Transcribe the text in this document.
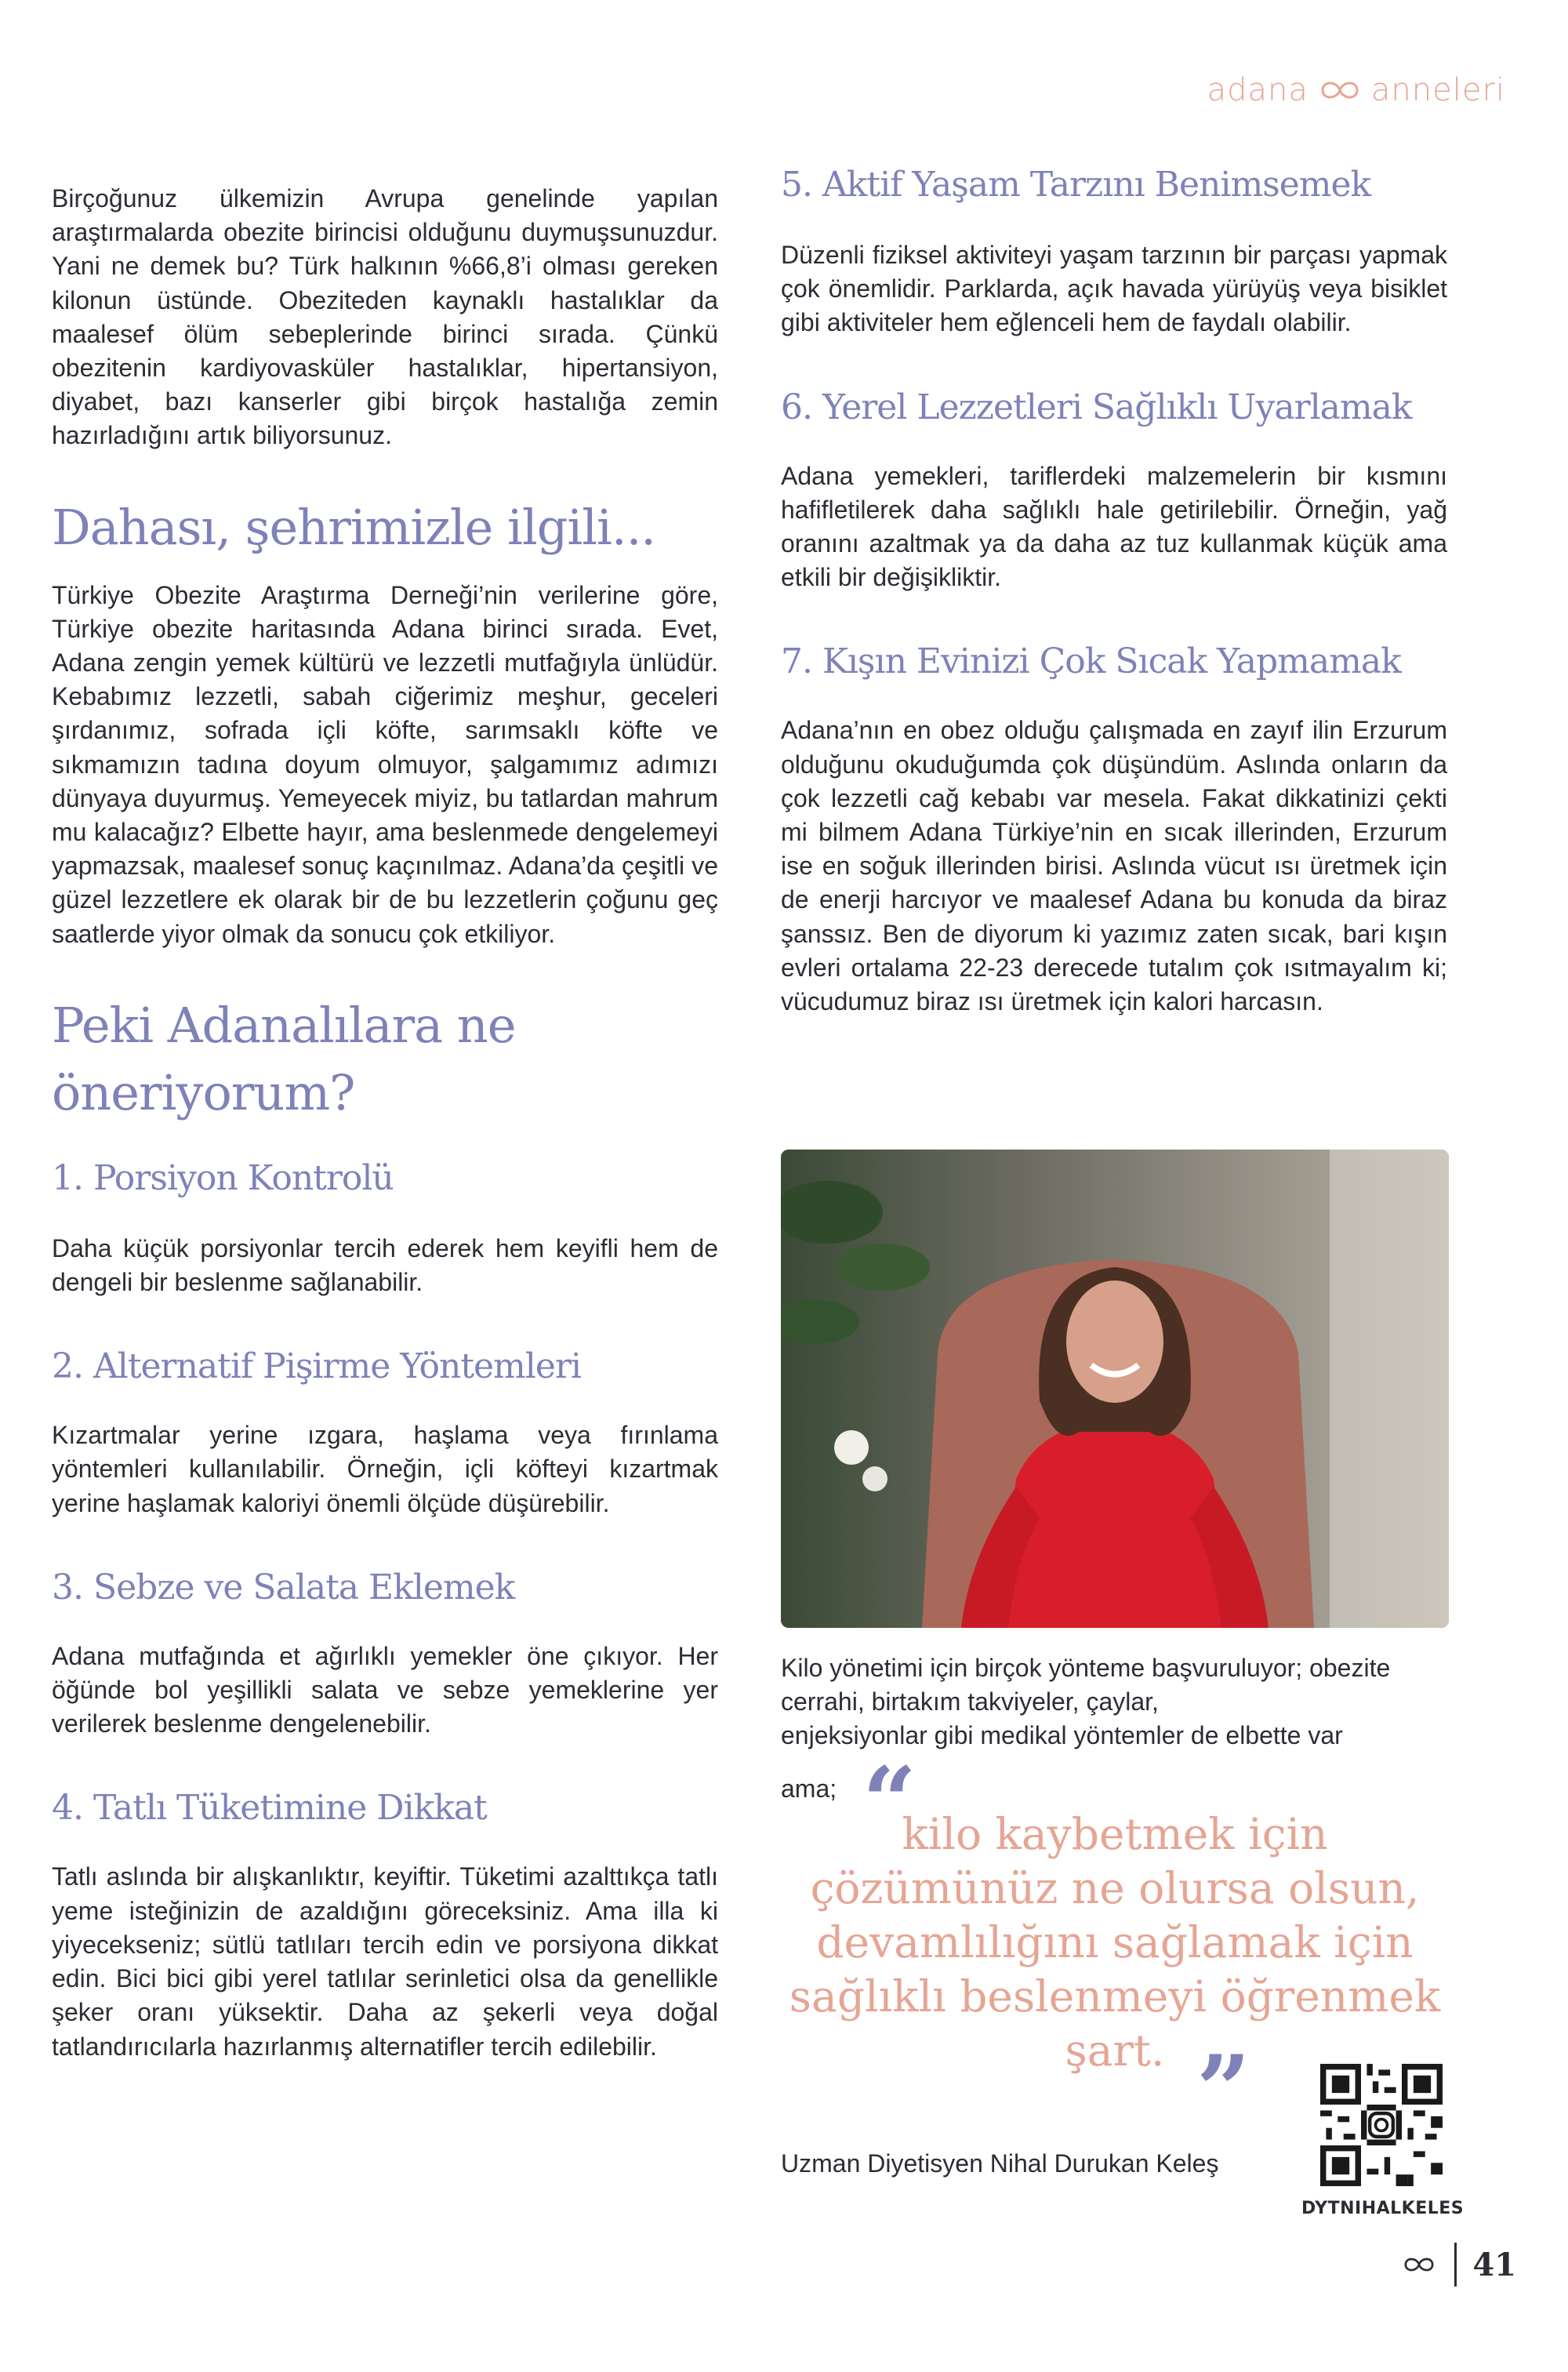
adana anneleri

Birçoğunuz ülkemizin Avrupa genelinde yapılan araştırmalarda obezite birincisi olduğunu duymuşsunuzdur. Yani ne demek bu? Türk halkının %66,8’i olması gereken kilonun üstünde. Obeziteden kaynaklı hastalıklar da maalesef ölüm sebeplerinde birinci sırada. Çünkü obezitenin kardiyovasküler hastalıklar, hipertansiyon, diyabet, bazı kanserler gibi birçok hastalığa zemin hazırladığını artık biliyorsunuz.

Dahası, şehrimizle ilgili...

Türkiye Obezite Araştırma Derneği’nin verilerine göre, Türkiye obezite haritasında Adana birinci sırada. Evet, Adana zengin yemek kültürü ve lezzetli mutfağıyla ünlüdür. Kebabımız lezzetli, sabah ciğerimiz meşhur, geceleri şırdanımız, sofrada içli köfte, sarımsaklı köfte ve sıkmamızın tadına doyum olmuyor, şalgamımız adımızı dünyaya duyurmuş. Yemeyecek miyiz, bu tatlardan mahrum mu kalacağız? Elbette hayır, ama beslenmede dengelemeyi yapmazsak, maalesef sonuç kaçınılmaz. Adana’da çeşitli ve güzel lezzetlere ek olarak bir de bu lezzetlerin çoğunu geç saatlerde yiyor olmak da sonucu çok etkiliyor.

Peki Adanalılara ne öneriyorum?
1. Porsiyon Kontrolü

Daha küçük porsiyonlar tercih ederek hem keyifli hem de dengeli bir beslenme sağlanabilir.

2. Alternatif Pişirme Yöntemleri

Kızartmalar yerine ızgara, haşlama veya fırınlama yöntemleri kullanılabilir. Örneğin, içli köfteyi kızartmak yerine haşlamak kaloriyi önemli ölçüde düşürebilir.

3. Sebze ve Salata Eklemek

Adana mutfağında et ağırlıklı yemekler öne çıkıyor. Her öğünde bol yeşillikli salata ve sebze yemeklerine yer verilerek beslenme dengelenebilir.

4. Tatlı Tüketimine Dikkat

Tatlı aslında bir alışkanlıktır, keyiftir. Tüketimi azalttıkça tatlı yeme isteğinizin de azaldığını göreceksiniz. Ama illa ki yiyecekseniz; sütlü tatlıları tercih edin ve porsiyona dikkat edin. Bici bici gibi yerel tatlılar serinletici olsa da genellikle şeker oranı yüksektir. Daha az şekerli veya doğal tatlandırıcılarla hazırlanmış alternatifler tercih edilebilir.

5. Aktif Yaşam Tarzını Benimsemek

Düzenli fiziksel aktiviteyi yaşam tarzının bir parçası yapmak çok önemlidir. Parklarda, açık havada yürüyüş veya bisiklet gibi aktiviteler hem eğlenceli hem de faydalı olabilir.

6. Yerel Lezzetleri Sağlıklı Uyarlamak

Adana yemekleri, tariflerdeki malzemelerin bir kısmını hafifletilerek daha sağlıklı hale getirilebilir. Örneğin, yağ oranını azaltmak ya da daha az tuz kullanmak küçük ama etkili bir değişikliktir.

7. Kışın Evinizi Çok Sıcak Yapmamak

Adana’nın en obez olduğu çalışmada en zayıf ilin Erzurum olduğunu okuduğumda çok düşündüm. Aslında onların da çok lezzetli cağ kebabı var mesela. Fakat dikkatinizi çekti mi bilmem Adana Türkiye’nin en sıcak illerinden, Erzurum ise en soğuk illerinden birisi. Aslında vücut ısı üretmek için de enerji harcıyor ve maalesef Adana bu konuda da biraz şanssız. Ben de diyorum ki yazımız zaten sıcak, bari kışın evleri ortalama 22-23 derecede tutalım çok ısıtmayalım ki; vücudumuz biraz ısı üretmek için kalori harcasın.

Kilo yönetimi için birçok yönteme başvuruluyor; obezite cerrahi, birtakım takviyeler, çaylar,

enjeksiyonlar gibi medikal yöntemler de elbette var

ama; “
kilo kaybetmek için çözümünüz ne olursa olsun, devamlılığını sağlamak için sağlıklı beslenmeyi öğrenmek şart. ”

Uzman Diyetisyen Nihal Durukan Keleş

DYTNIHALKELES
41
